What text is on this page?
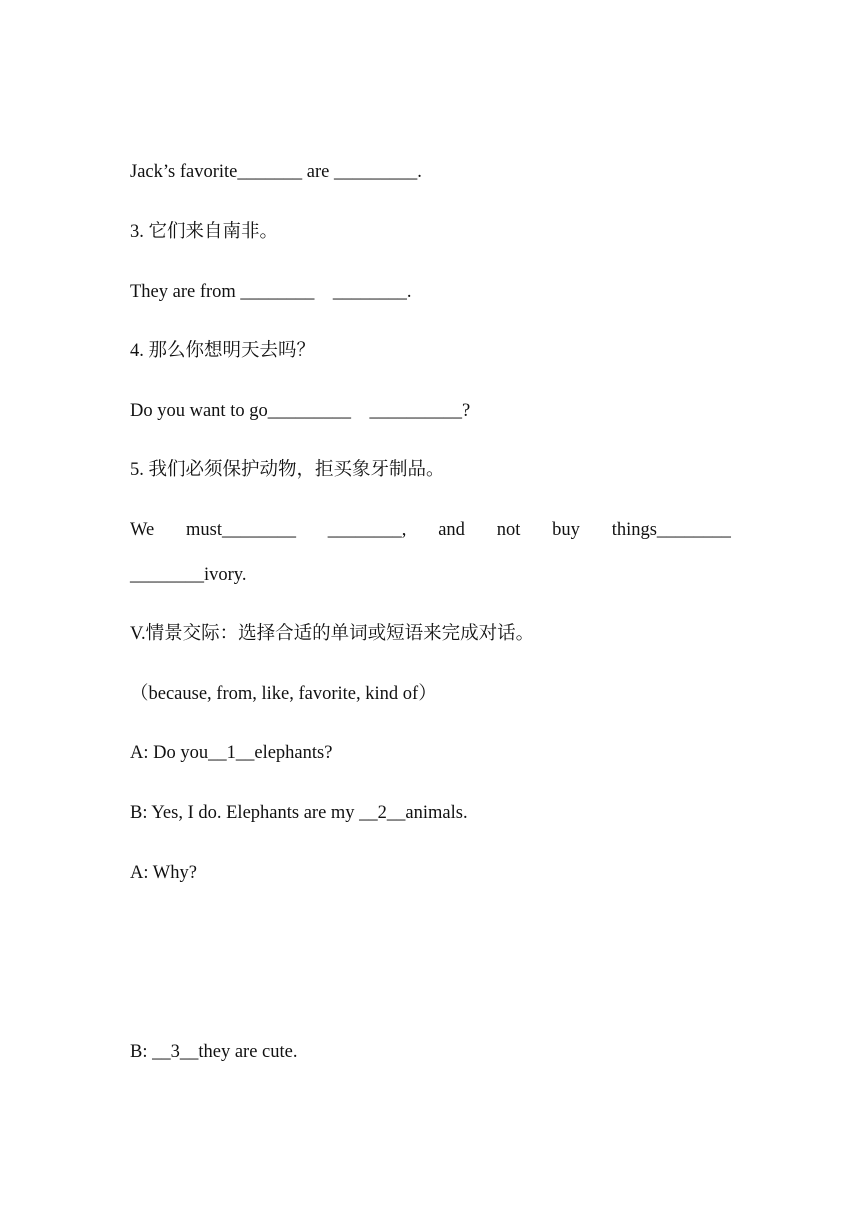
Jack’s favorite_______ are _________.
3. 它们来自南非。
They are from ________    ________.
4. 那么你想明天去吗？
Do you want to go_________    __________?
5. 我们必须保护动物，拒买象牙制品。
We must________ ________, and not buy things________
________ivory.
V.情景交际：选择合适的单词或短语来完成对话。
（because, from, like, favorite, kind of）
A: Do you__1__elephants?
B: Yes, I do. Elephants are my __2__animals.
A: Why?
B: __3__they are cute.
